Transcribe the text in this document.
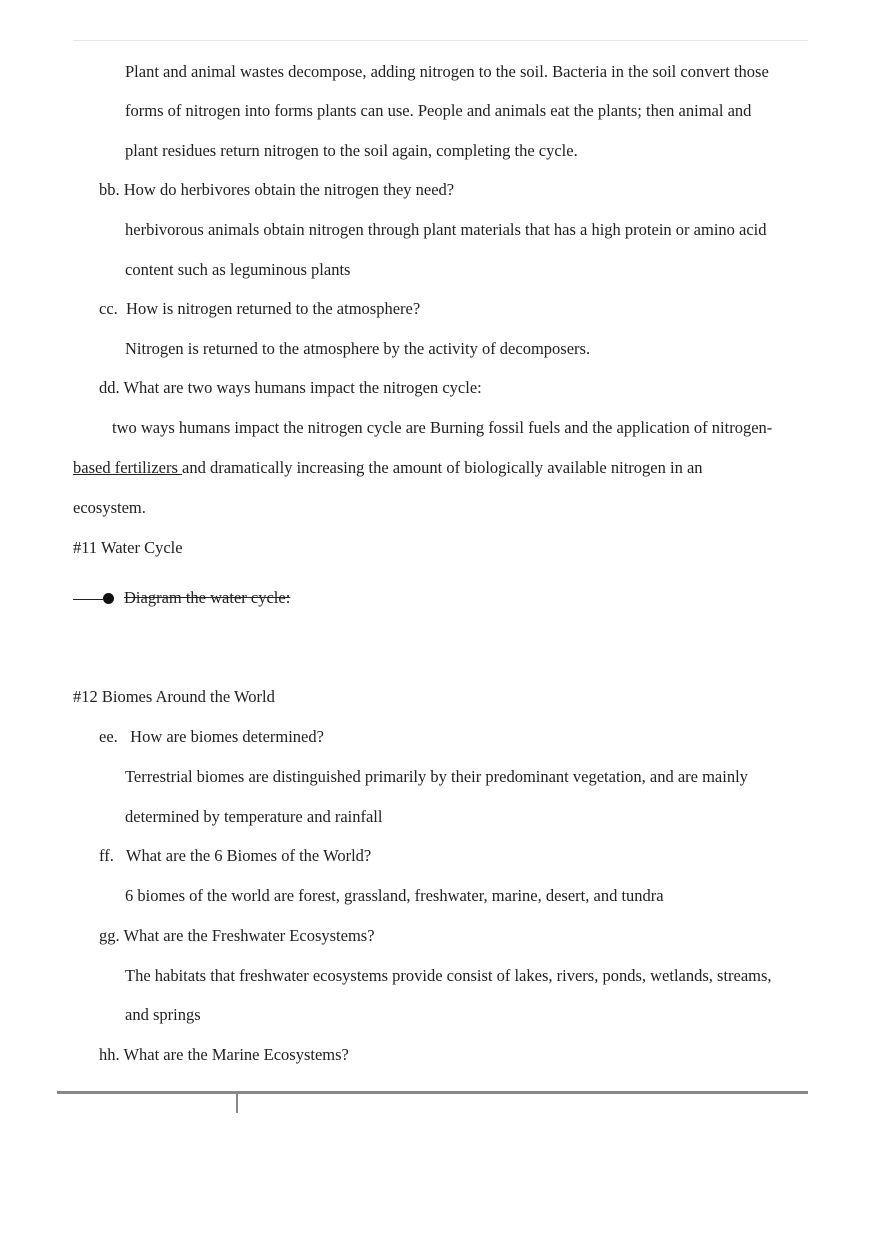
Plant and animal wastes decompose, adding nitrogen to the soil. Bacteria in the soil convert those
forms of nitrogen into forms plants can use. People and animals eat the plants; then animal and
plant residues return nitrogen to the soil again, completing the cycle.
bb. How do herbivores obtain the nitrogen they need?
herbivorous animals obtain nitrogen through plant materials that has a high protein or amino acid
content such as leguminous plants
cc.  How is nitrogen returned to the atmosphere?
Nitrogen is returned to the atmosphere by the activity of decomposers.
dd. What are two ways humans impact the nitrogen cycle:
two ways humans impact the nitrogen cycle are Burning fossil fuels and the application of nitrogen-
based fertilizers and dramatically increasing the amount of biologically available nitrogen in an
ecosystem.
#11 Water Cycle
Diagram the water cycle:
#12 Biomes Around the World
ee.   How are biomes determined?
Terrestrial biomes are distinguished primarily by their predominant vegetation, and are mainly
determined by temperature and rainfall
ff.   What are the 6 Biomes of the World?
6 biomes of the world are forest, grassland, freshwater, marine, desert, and tundra
gg. What are the Freshwater Ecosystems?
The habitats that freshwater ecosystems provide consist of lakes, rivers, ponds, wetlands, streams,
and springs
hh. What are the Marine Ecosystems?
